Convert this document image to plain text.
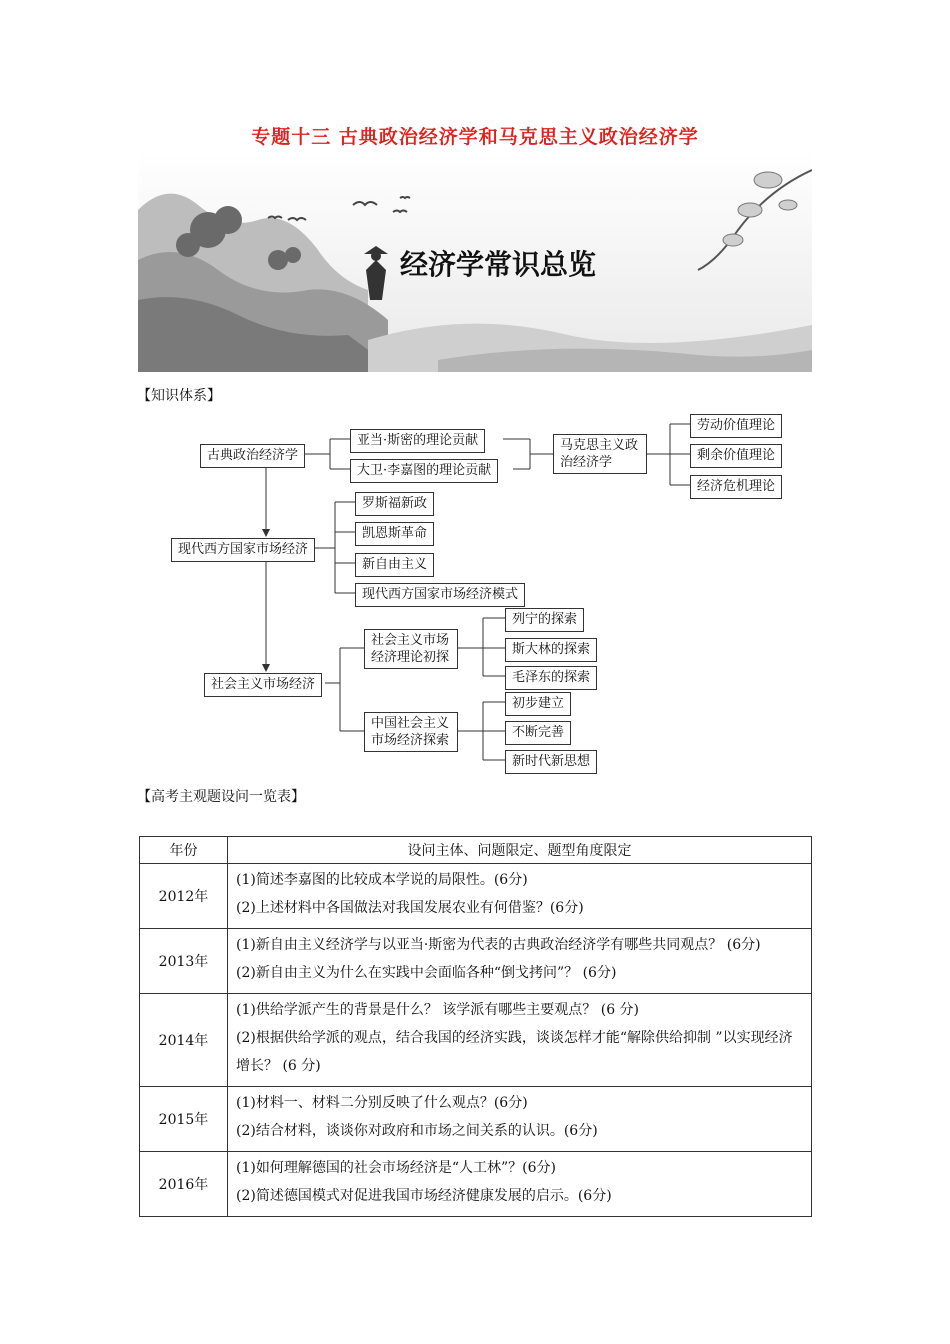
专题十三 古典政治经济学和马克思主义政治经济学
经济学常识总览
【知识体系】
古典政治经济学
亚当·斯密的理论贡献
大卫·李嘉图的理论贡献
马克思主义政治经济学
劳动价值理论
剩余价值理论
经济危机理论
现代西方国家市场经济
罗斯福新政
凯恩斯革命
新自由主义
现代西方国家市场经济模式
社会主义市场经济
社会主义市场经济理论初探
列宁的探索
斯大林的探索
毛泽东的探索
中国社会主义市场经济探索
初步建立
不断完善
新时代新思想
【高考主观题设问一览表】
年份	设问主体、问题限定、题型角度限定
2012年	(1)简述李嘉图的比较成本学说的局限性。(6分)
(2)上述材料中各国做法对我国发展农业有何借鉴？(6分)

2013年	(1)新自由主义经济学与以亚当·斯密为代表的古典政治经济学有哪些共同观点？ (6分)
(2)新自由主义为什么在实践中会面临各种“倒戈拷问”？ (6分)

2014年	(1)供给学派产生的背景是什么？ 该学派有哪些主要观点？ (6 分)
(2)根据供给学派的观点，结合我国的经济实践，谈谈怎样才能“解除供给抑制 ”以实现经济增长？ (6 分)

2015年	(1)材料一、材料二分别反映了什么观点？(6分)
(2)结合材料，谈谈你对政府和市场之间关系的认识。(6分)

2016年	(1)如何理解德国的社会市场经济是“人工林”？(6分)
(2)简述德国模式对促进我国市场经济健康发展的启示。(6分)
